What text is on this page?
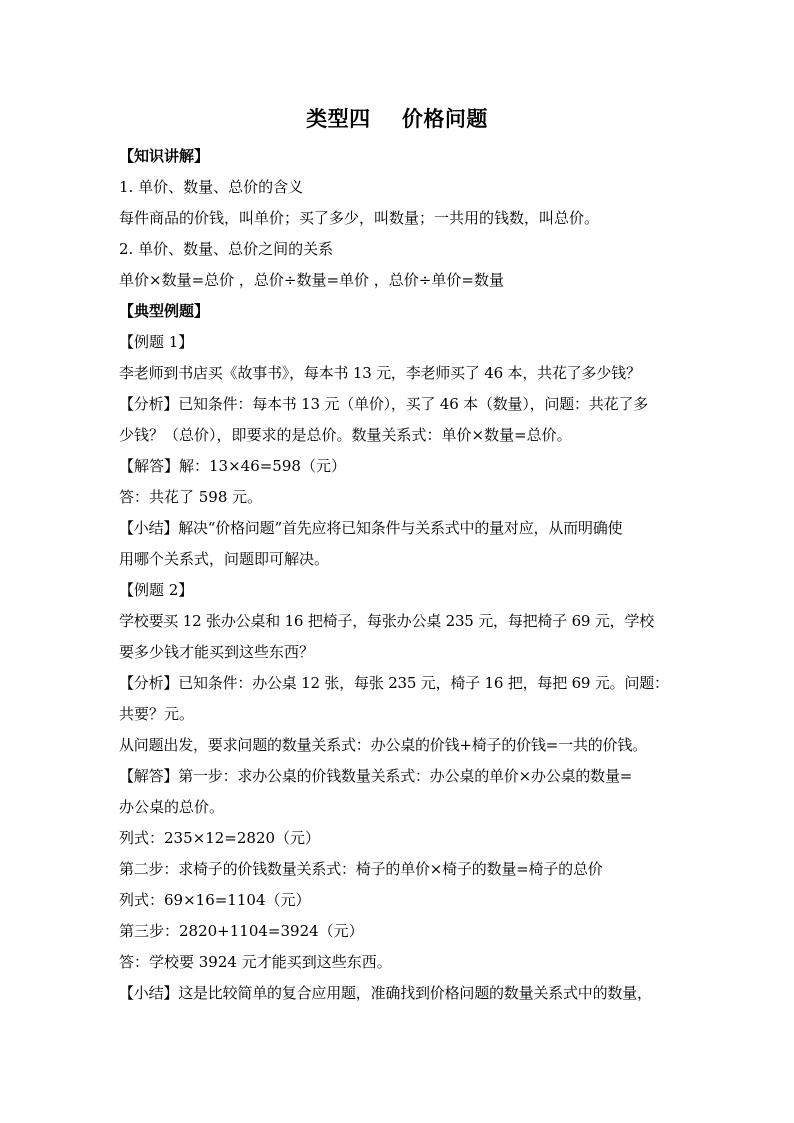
类型四    价格问题
【知识讲解】
1. 单价、数量、总价的含义
每件商品的价钱，叫单价；买了多少，叫数量；一共用的钱数，叫总价。
2. 单价、数量、总价之间的关系
单价×数量=总价 ，总价÷数量=单价 ，总价÷单价=数量
【典型例题】
【例题 1】
李老师到书店买《故事书》，每本书 13 元，李老师买了 46 本，共花了多少钱？
【分析】已知条件：每本书 13 元（单价），买了 46 本（数量），问题：共花了多
少钱？（总价），即要求的是总价。数量关系式：单价×数量=总价。
【解答】解：13×46=598（元）
答：共花了 598 元。
【小结】解决“价格问题”首先应将已知条件与关系式中的量对应，从而明确使
用哪个关系式，问题即可解决。
【例题 2】
学校要买 12 张办公桌和 16 把椅子，每张办公桌 235 元，每把椅子 69 元，学校
要多少钱才能买到这些东西？
【分析】已知条件：办公桌 12 张，每张 235 元，椅子 16 把，每把 69 元。问题：
共要？元。
从问题出发，要求问题的数量关系式：办公桌的价钱+椅子的价钱=一共的价钱。
【解答】第一步：求办公桌的价钱数量关系式：办公桌的单价×办公桌的数量=
办公桌的总价。
列式：235×12=2820（元）
第二步：求椅子的价钱数量关系式：椅子的单价×椅子的数量=椅子的总价
列式：69×16=1104（元）
第三步：2820+1104=3924（元）
答：学校要 3924 元才能买到这些东西。
【小结】这是比较简单的复合应用题，准确找到价格问题的数量关系式中的数量，
